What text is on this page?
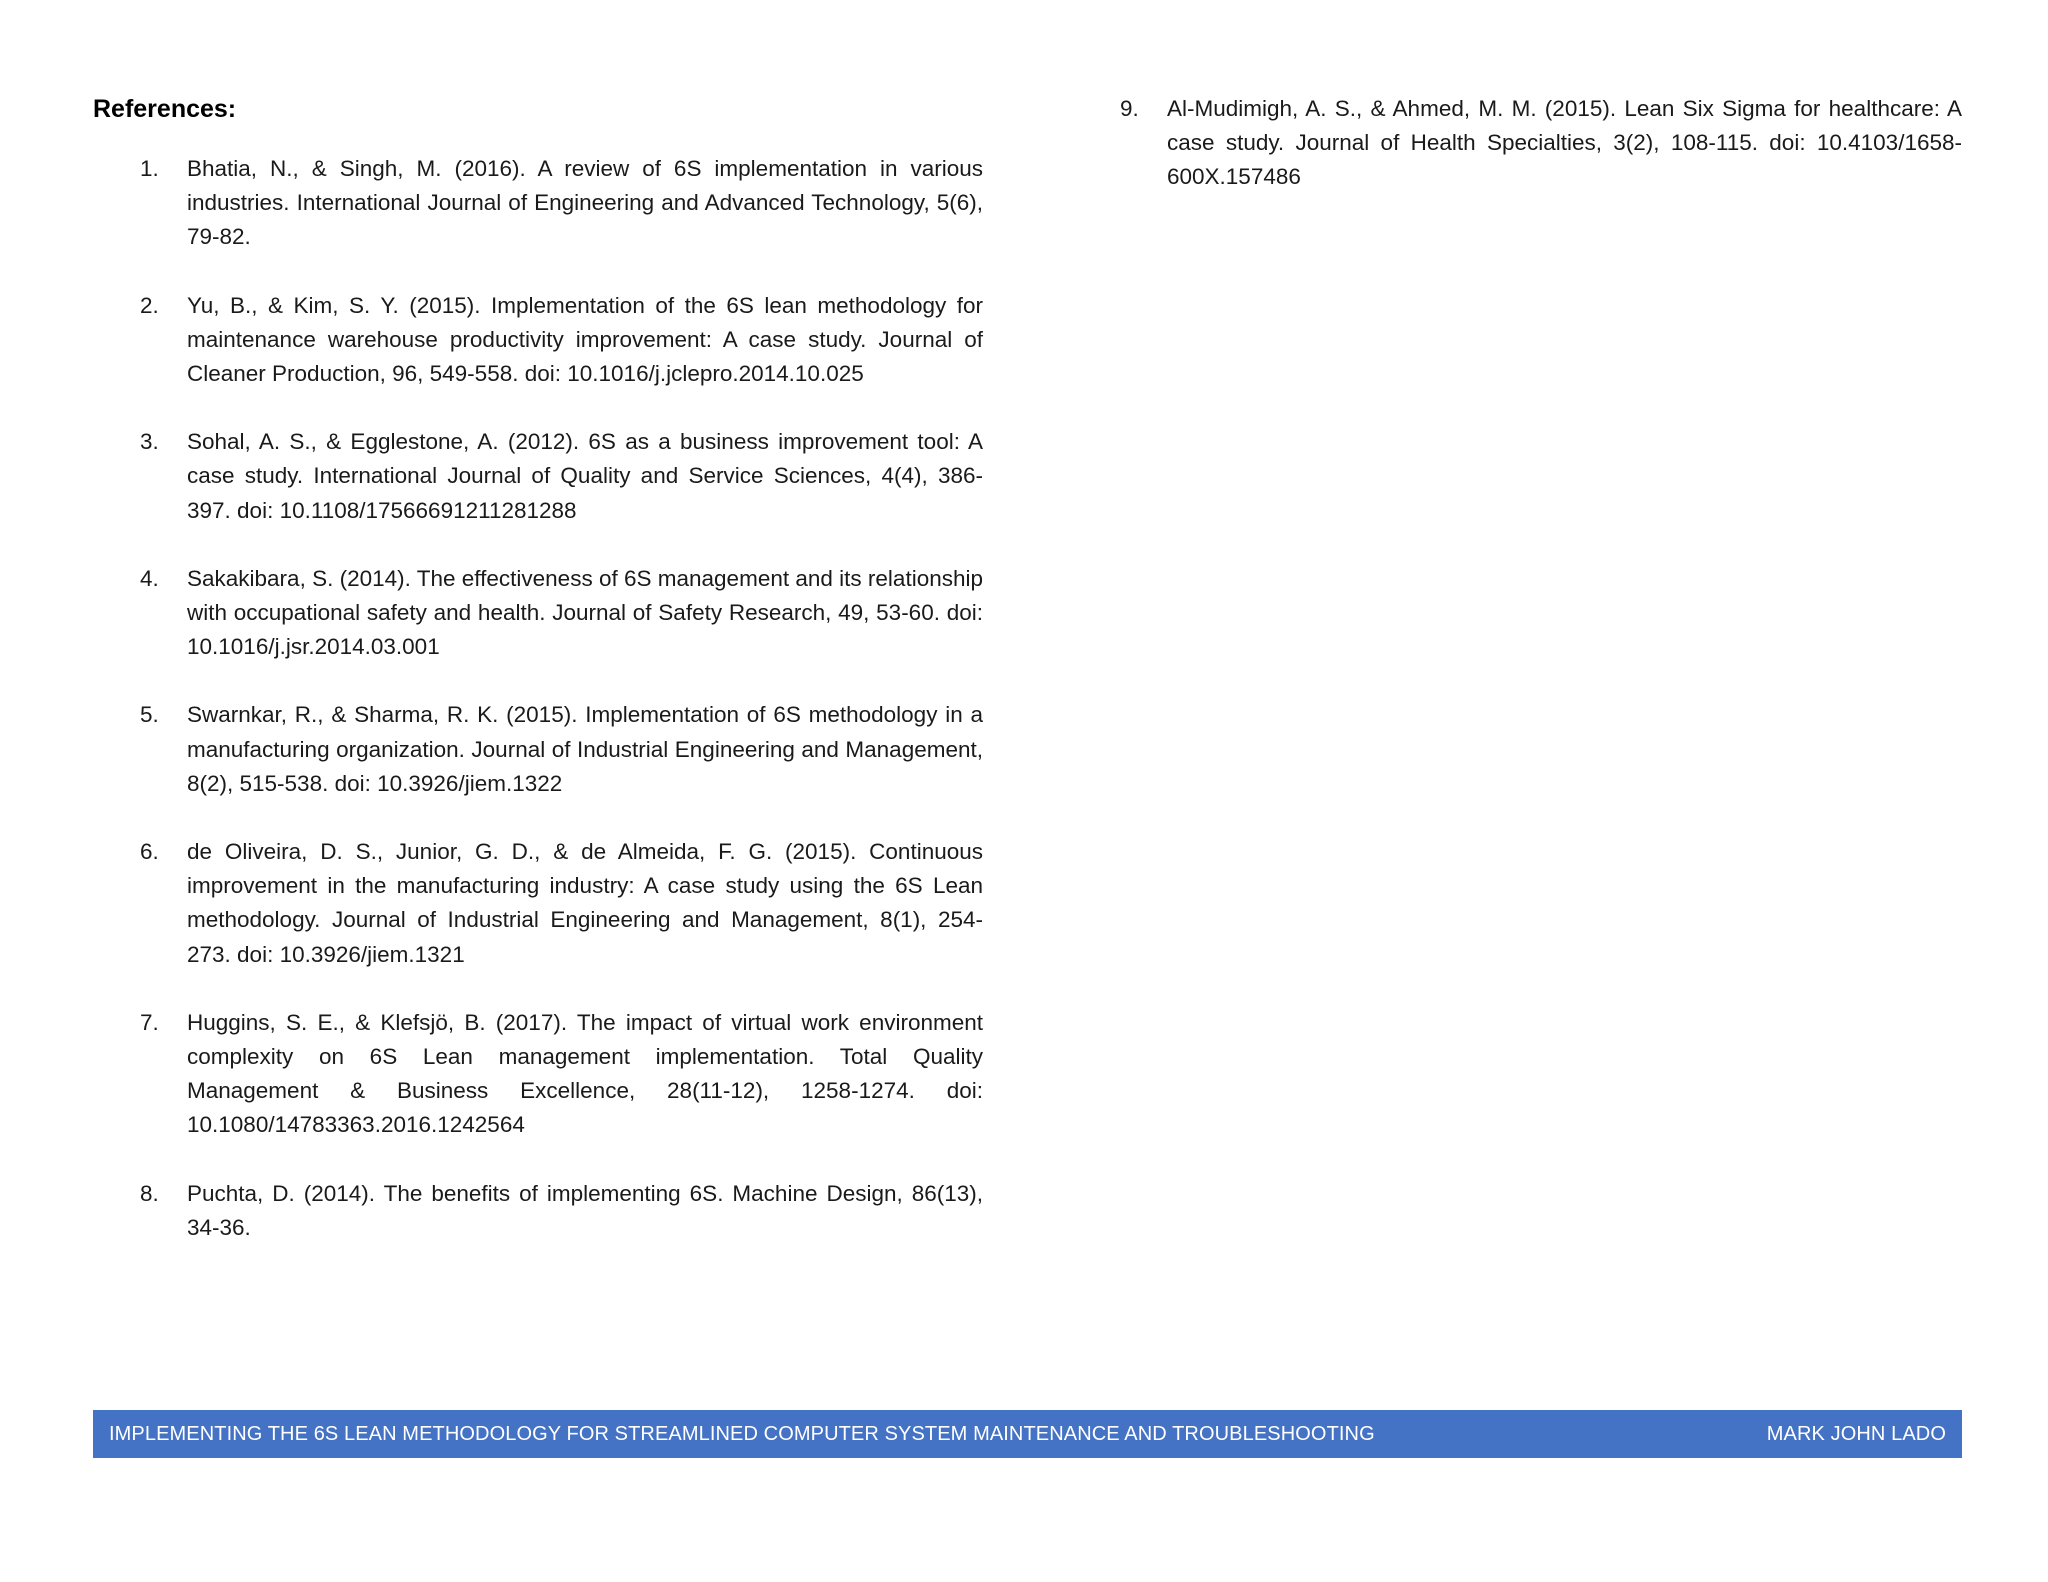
References:
1. Bhatia, N., & Singh, M. (2016). A review of 6S implementation in various industries. International Journal of Engineering and Advanced Technology, 5(6), 79-82.
2. Yu, B., & Kim, S. Y. (2015). Implementation of the 6S lean methodology for maintenance warehouse productivity improvement: A case study. Journal of Cleaner Production, 96, 549-558. doi: 10.1016/j.jclepro.2014.10.025
3. Sohal, A. S., & Egglestone, A. (2012). 6S as a business improvement tool: A case study. International Journal of Quality and Service Sciences, 4(4), 386-397. doi: 10.1108/17566691211281288
4. Sakakibara, S. (2014). The effectiveness of 6S management and its relationship with occupational safety and health. Journal of Safety Research, 49, 53-60. doi: 10.1016/j.jsr.2014.03.001
5. Swarnkar, R., & Sharma, R. K. (2015). Implementation of 6S methodology in a manufacturing organization. Journal of Industrial Engineering and Management, 8(2), 515-538. doi: 10.3926/jiem.1322
6. de Oliveira, D. S., Junior, G. D., & de Almeida, F. G. (2015). Continuous improvement in the manufacturing industry: A case study using the 6S Lean methodology. Journal of Industrial Engineering and Management, 8(1), 254-273. doi: 10.3926/jiem.1321
7. Huggins, S. E., & Klefsjö, B. (2017). The impact of virtual work environment complexity on 6S Lean management implementation. Total Quality Management & Business Excellence, 28(11-12), 1258-1274. doi: 10.1080/14783363.2016.1242564
8. Puchta, D. (2014). The benefits of implementing 6S. Machine Design, 86(13), 34-36.
9. Al-Mudimigh, A. S., & Ahmed, M. M. (2015). Lean Six Sigma for healthcare: A case study. Journal of Health Specialties, 3(2), 108-115. doi: 10.4103/1658-600X.157486
IMPLEMENTING THE 6S LEAN METHODOLOGY FOR STREAMLINED COMPUTER SYSTEM MAINTENANCE AND TROUBLESHOOTING	MARK JOHN LADO
